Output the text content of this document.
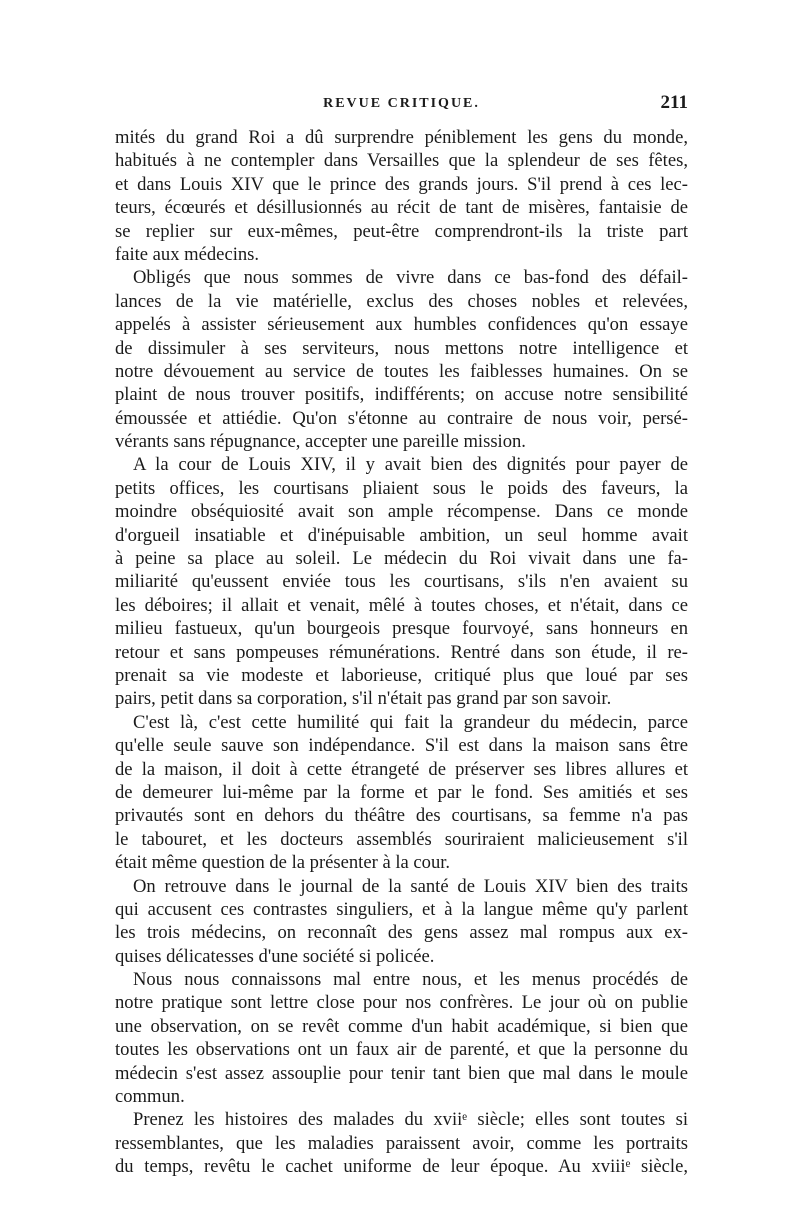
REVUE CRITIQUE.	211
mités du grand Roi a dû surprendre péniblement les gens du monde,
habitués à ne contempler dans Versailles que la splendeur de ses fêtes,
et dans Louis XIV que le prince des grands jours. S'il prend à ces lec-
teurs, écœurés et désillusionnés au récit de tant de misères, fantaisie de
se replier sur eux-mêmes, peut-être comprendront-ils la triste part
faite aux médecins.
Obligés que nous sommes de vivre dans ce bas-fond des défail-
lances de la vie matérielle, exclus des choses nobles et relevées,
appelés à assister sérieusement aux humbles confidences qu'on essaye
de dissimuler à ses serviteurs, nous mettons notre intelligence et
notre dévouement au service de toutes les faiblesses humaines. On se
plaint de nous trouver positifs, indifférents; on accuse notre sensibilité
émoussée et attiédie. Qu'on s'étonne au contraire de nous voir, persé-
vérants sans répugnance, accepter une pareille mission.
A la cour de Louis XIV, il y avait bien des dignités pour payer de
petits offices, les courtisans pliaient sous le poids des faveurs, la
moindre obséquiosité avait son ample récompense. Dans ce monde
d'orgueil insatiable et d'inépuisable ambition, un seul homme avait
à peine sa place au soleil. Le médecin du Roi vivait dans une fa-
miliarité qu'eussent enviée tous les courtisans, s'ils n'en avaient su
les déboires; il allait et venait, mêlé à toutes choses, et n'était, dans ce
milieu fastueux, qu'un bourgeois presque fourvoyé, sans honneurs en
retour et sans pompeuses rémunérations. Rentré dans son étude, il re-
prenait sa vie modeste et laborieuse, critiqué plus que loué par ses
pairs, petit dans sa corporation, s'il n'était pas grand par son savoir.
C'est là, c'est cette humilité qui fait la grandeur du médecin, parce
qu'elle seule sauve son indépendance. S'il est dans la maison sans être
de la maison, il doit à cette étrangeté de préserver ses libres allures et
de demeurer lui-même par la forme et par le fond. Ses amitiés et ses
privautés sont en dehors du théâtre des courtisans, sa femme n'a pas
le tabouret, et les docteurs assemblés souriraient malicieusement s'il
était même question de la présenter à la cour.
On retrouve dans le journal de la santé de Louis XIV bien des traits
qui accusent ces contrastes singuliers, et à la langue même qu'y parlent
les trois médecins, on reconnaît des gens assez mal rompus aux ex-
quises délicatesses d'une société si policée.
Nous nous connaissons mal entre nous, et les menus procédés de
notre pratique sont lettre close pour nos confrères. Le jour où on publie
une observation, on se revêt comme d'un habit académique, si bien que
toutes les observations ont un faux air de parenté, et que la personne du
médecin s'est assez assouplie pour tenir tant bien que mal dans le moule
commun.
Prenez les histoires des malades du xviiᵉ siècle; elles sont toutes si
ressemblantes, que les maladies paraissent avoir, comme les portraits
du temps, revêtu le cachet uniforme de leur époque. Au xviiiᵉ siècle,
